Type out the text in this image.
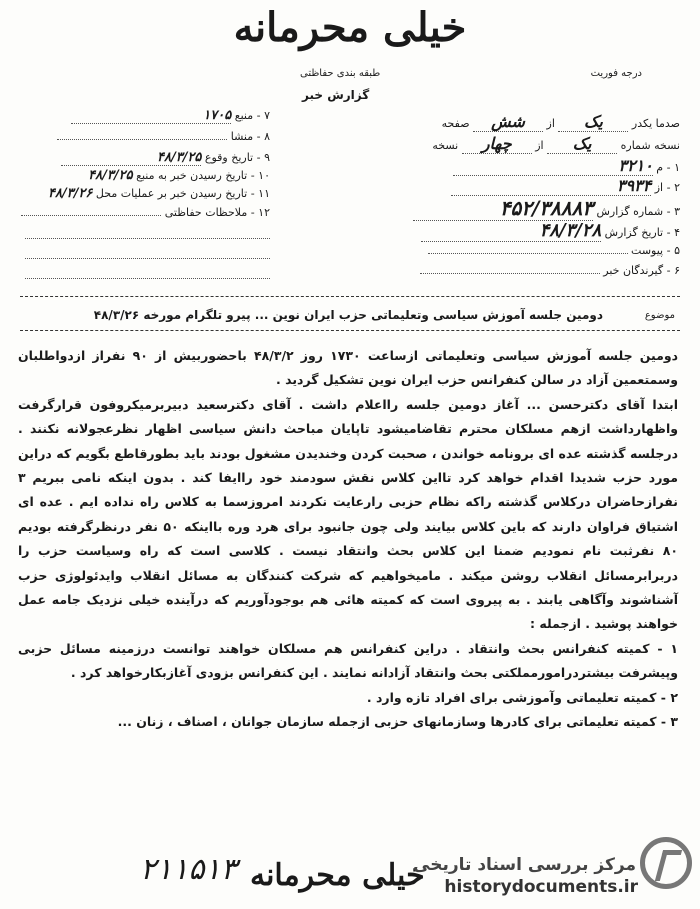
خیلی محرمانه
طبقه بندی حفاظتی
گزارش خبر
درجه فوریت
صدما یکدر یک از شش صفحه
نسخه شماره یک از چهار نسخه
۱ - م ۳۲۱۰
۲ - از ۳۹۳۴
۳ - شماره گزارش ۴۵۲/۳۸۸۸۳
۴ - تاریخ گزارش ۴۸/۳/۲۸
۵ - پیوست
۶ - گیرندگان خبر
۷ - منبع ۱۷۰۵
۸ - منشا
۹ - تاریخ وقوع ۴۸/۳/۲۵
۱۰ - تاریخ رسیدن خبر به منبع ۴۸/۳/۲۵
۱۱ - تاریخ رسیدن خبر بر عملیات محل ۴۸/۳/۲۶
۱۲ - ملاحظات حفاظتی
موضوع
دومین جلسه آموزش سیاسی وتعلیماتی حزب ایران نوین ... پیرو تلگرام مورخه ۴۸/۳/۲۶

دومین جلسه آموزش سیاسی وتعلیماتی ازساعت ۱۷۳۰ روز ۴۸/۳/۲ باحضوربیش از ۹۰ نفراز ازدواطلبان وسمتعمین آزاد در سالن کنفرانس حزب ایران نوین تشکیل گردید .

ابتدا آقای دکترحسن ... آغاز دومین جلسه رااعلام داشت . آقای دکترسعید دبیربرمیکروفون قرارگرفت واظهارداشت ازهم مسلکان محترم تقاضامیشود تاپایان مباحث دانش سیاسی اظهار نظرعجولانه نکنند . درجلسه گذشته عده ای برونامه خواندن ، صحبت کردن وخندیدن مشغول بودند باید بطورقاطع بگویم که دراین مورد حزب شدیدا اقدام خواهد کرد تااین کلاس نقش سودمند خود راایفا کند . بدون اینکه نامی ببریم ۳ نفرازحاضران درکلاس گذشته راکه نظام حزبی رارعایت نکردند امروزسما به کلاس راه نداده ایم . عده ای اشتیاق فراوان دارند که باین کلاس بیایند ولی چون جانبود برای هرد وره بااینکه ۵۰ نفر درنظرگرفته بودیم ۸۰ نفرثبت نام نمودیم ضمنا این کلاس بحث وانتقاد نیست . کلاسی است که راه وسیاست حزب را دربرابرمسائل انقلاب روشن میکند . مامیخواهیم که شرکت کنندگان به مسائل انقلاب وایدئولوژی حزب آشناشوند وآگاهی یابند . به پیروی است که کمیته هائی هم بوجودآوریم که درآینده خیلی نزدیک جامه عمل خواهند پوشید . ازجمله :

۱ - کمیته کنفرانس بحث وانتقاد . دراین کنفرانس هم مسلکان خواهند توانست درزمینه مسائل حزبی وپیشرفت بیشتردرامورمملکتی بحث وانتقاد آزادانه نمایند . این کنفرانس بزودی آغازبکارخواهد کرد .

۲ - کمیته تعلیماتی وآموزشی برای افراد تازه وارد .

۳ - کمیته تعلیماتی برای کادرها وسازمانهای حزبی ازجمله سازمان جوانان ، اصناف ، زنان ...

۲۱۱۵۱۳ خیلی محرمانه
مرکز بررسی اسناد تاریخی
historydocuments.ir
